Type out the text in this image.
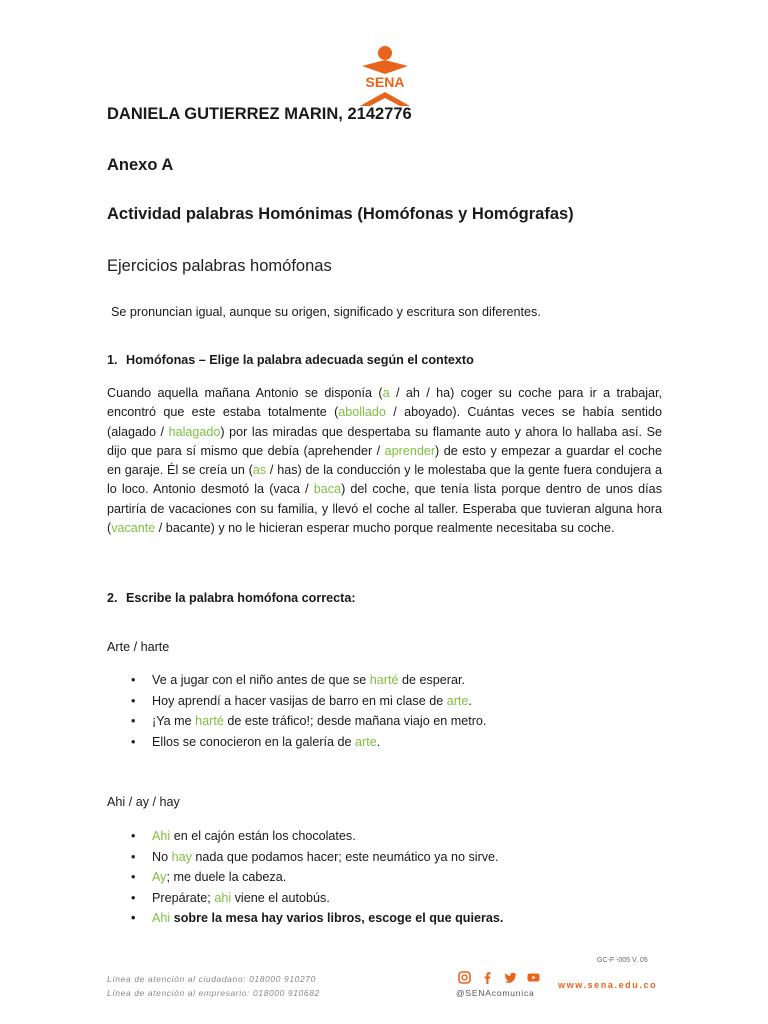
SENA
DANIELA GUTIERREZ MARIN, 2142776
Anexo A
Actividad palabras Homónimas (Homófonas y Homógrafas)
Ejercicios palabras homófonas

Se pronuncian igual, aunque su origen, significado y escritura son diferentes.

1. Homófonas – Elige la palabra adecuada según el contexto

Cuando aquella mañana Antonio se disponía (a / ah / ha) coger su coche para ir a trabajar, encontró que este estaba totalmente (abollado / aboyado). Cuántas veces se había sentido (alagado / halagado) por las miradas que despertaba su flamante auto y ahora lo hallaba así. Se dijo que para sí mismo que debía (aprehender / aprender) de esto y empezar a guardar el coche en garaje. Él se creía un (as / has) de la conducción y le molestaba que la gente fuera condujera a lo loco. Antonio desmotó la (vaca / baca) del coche, que tenía lista porque dentro de unos días partiría de vacaciones con su familia, y llevó el coche al taller. Esperaba que tuvieran alguna hora (vacante / bacante) y no le hicieran esperar mucho porque realmente necesitaba su coche.

2. Escribe la palabra homófona correcta:

Arte / harte

• Ve a jugar con el niño antes de que se harté de esperar.
• Hoy aprendí a hacer vasijas de barro en mi clase de arte.
• ¡Ya me harté de este tráfico!; desde mañana viajo en metro.
• Ellos se conocieron en la galería de arte.

Ahi / ay / hay

• Ahi en el cajón están los chocolates.
• No hay nada que podamos hacer; este neumático ya no sirve.
• Ay; me duele la cabeza.
• Prepárate; ahi viene el autobús.
• Ahi sobre la mesa hay varios libros, escoge el que quieras.
GC-F -005 V. 05
Línea de atención al ciudadano: 018000 910270
Línea de atención al empresario: 018000 910682	@SENAcomunica
www.sena.edu.co
